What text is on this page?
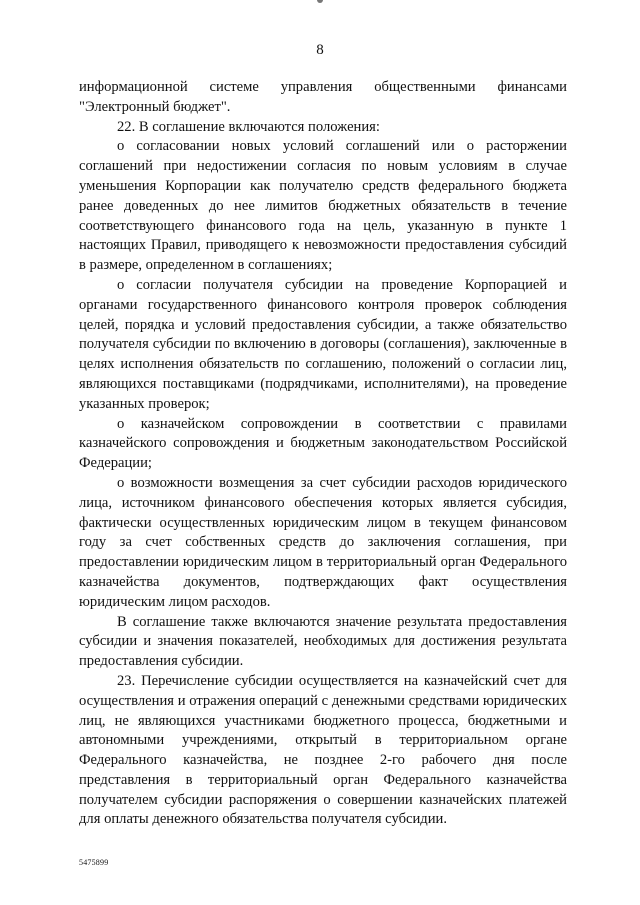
8

информационной системе управления общественными финансами "Электронный бюджет".

22. В соглашение включаются положения:

о согласовании новых условий соглашений или о расторжении соглашений при недостижении согласия по новым условиям в случае уменьшения Корпорации как получателю средств федерального бюджета ранее доведенных до нее лимитов бюджетных обязательств в течение соответствующего финансового года на цель, указанную в пункте 1 настоящих Правил, приводящего к невозможности предоставления субсидий в размере, определенном в соглашениях;

о согласии получателя субсидии на проведение Корпорацией и органами государственного финансового контроля проверок соблюдения целей, порядка и условий предоставления субсидии, а также обязательство получателя субсидии по включению в договоры (соглашения), заключенные в целях исполнения обязательств по соглашению, положений о согласии лиц, являющихся поставщиками (подрядчиками, исполнителями), на проведение указанных проверок;

о казначейском сопровождении в соответствии с правилами казначейского сопровождения и бюджетным законодательством Российской Федерации;

о возможности возмещения за счет субсидии расходов юридического лица, источником финансового обеспечения которых является субсидия, фактически осуществленных юридическим лицом в текущем финансовом году за счет собственных средств до заключения соглашения, при предоставлении юридическим лицом в территориальный орган Федерального казначейства документов, подтверждающих факт осуществления юридическим лицом расходов.

В соглашение также включаются значение результата предоставления субсидии и значения показателей, необходимых для достижения результата предоставления субсидии.

23. Перечисление субсидии осуществляется на казначейский счет для осуществления и отражения операций с денежными средствами юридических лиц, не являющихся участниками бюджетного процесса, бюджетными и автономными учреждениями, открытый в территориальном органе Федерального казначейства, не позднее 2-го рабочего дня после представления в территориальный орган Федерального казначейства получателем субсидии распоряжения о совершении казначейских платежей для оплаты денежного обязательства получателя субсидии.

5475899
